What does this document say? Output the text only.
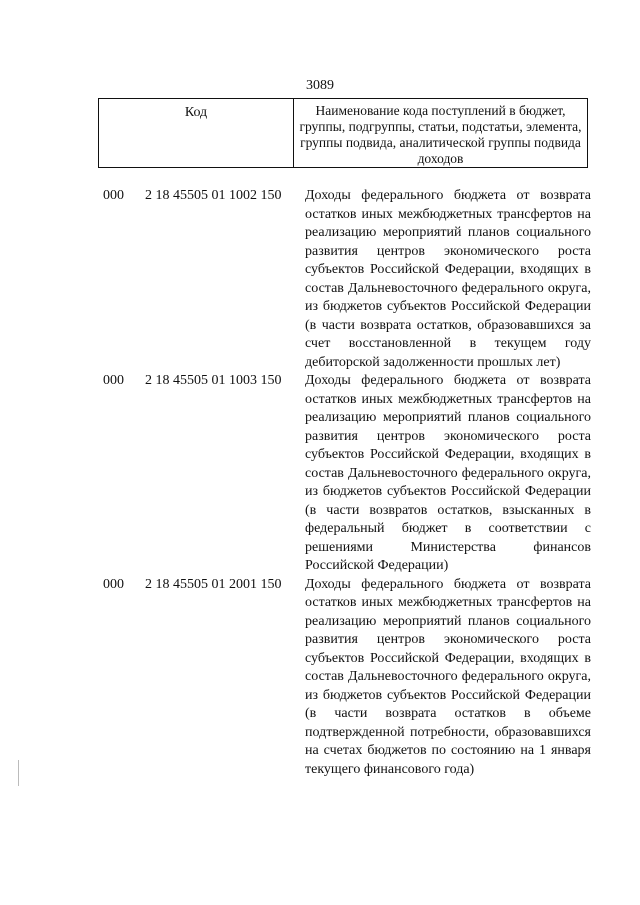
3089
Код	Наименование кода поступлений в бюджет, группы, подгруппы, статьи, подстатьи, элемента, группы подвида, аналитической группы подвида доходов
000	2 18 45505 01 1002 150	Доходы федерального бюджета от возврата остатков иных межбюджетных трансфертов на реализацию мероприятий планов социального развития центров экономического роста субъектов Российской Федерации, входящих в состав Дальневосточного федерального округа, из бюджетов субъектов Российской Федерации (в части возврата остатков, образовавшихся за счет восстановленной в текущем году дебиторской задолженности прошлых лет)
000	2 18 45505 01 1003 150	Доходы федерального бюджета от возврата остатков иных межбюджетных трансфертов на реализацию мероприятий планов социального развития центров экономического роста субъектов Российской Федерации, входящих в состав Дальневосточного федерального округа, из бюджетов субъектов Российской Федерации (в части возвратов остатков, взысканных в федеральный бюджет в соответствии с решениями Министерства финансов Российской Федерации)
000	2 18 45505 01 2001 150	Доходы федерального бюджета от возврата остатков иных межбюджетных трансфертов на реализацию мероприятий планов социального развития центров экономического роста субъектов Российской Федерации, входящих в состав Дальневосточного федерального округа, из бюджетов субъектов Российской Федерации (в части возврата остатков в объеме подтвержденной потребности, образовавшихся на счетах бюджетов по состоянию на 1 января текущего финансового года)
